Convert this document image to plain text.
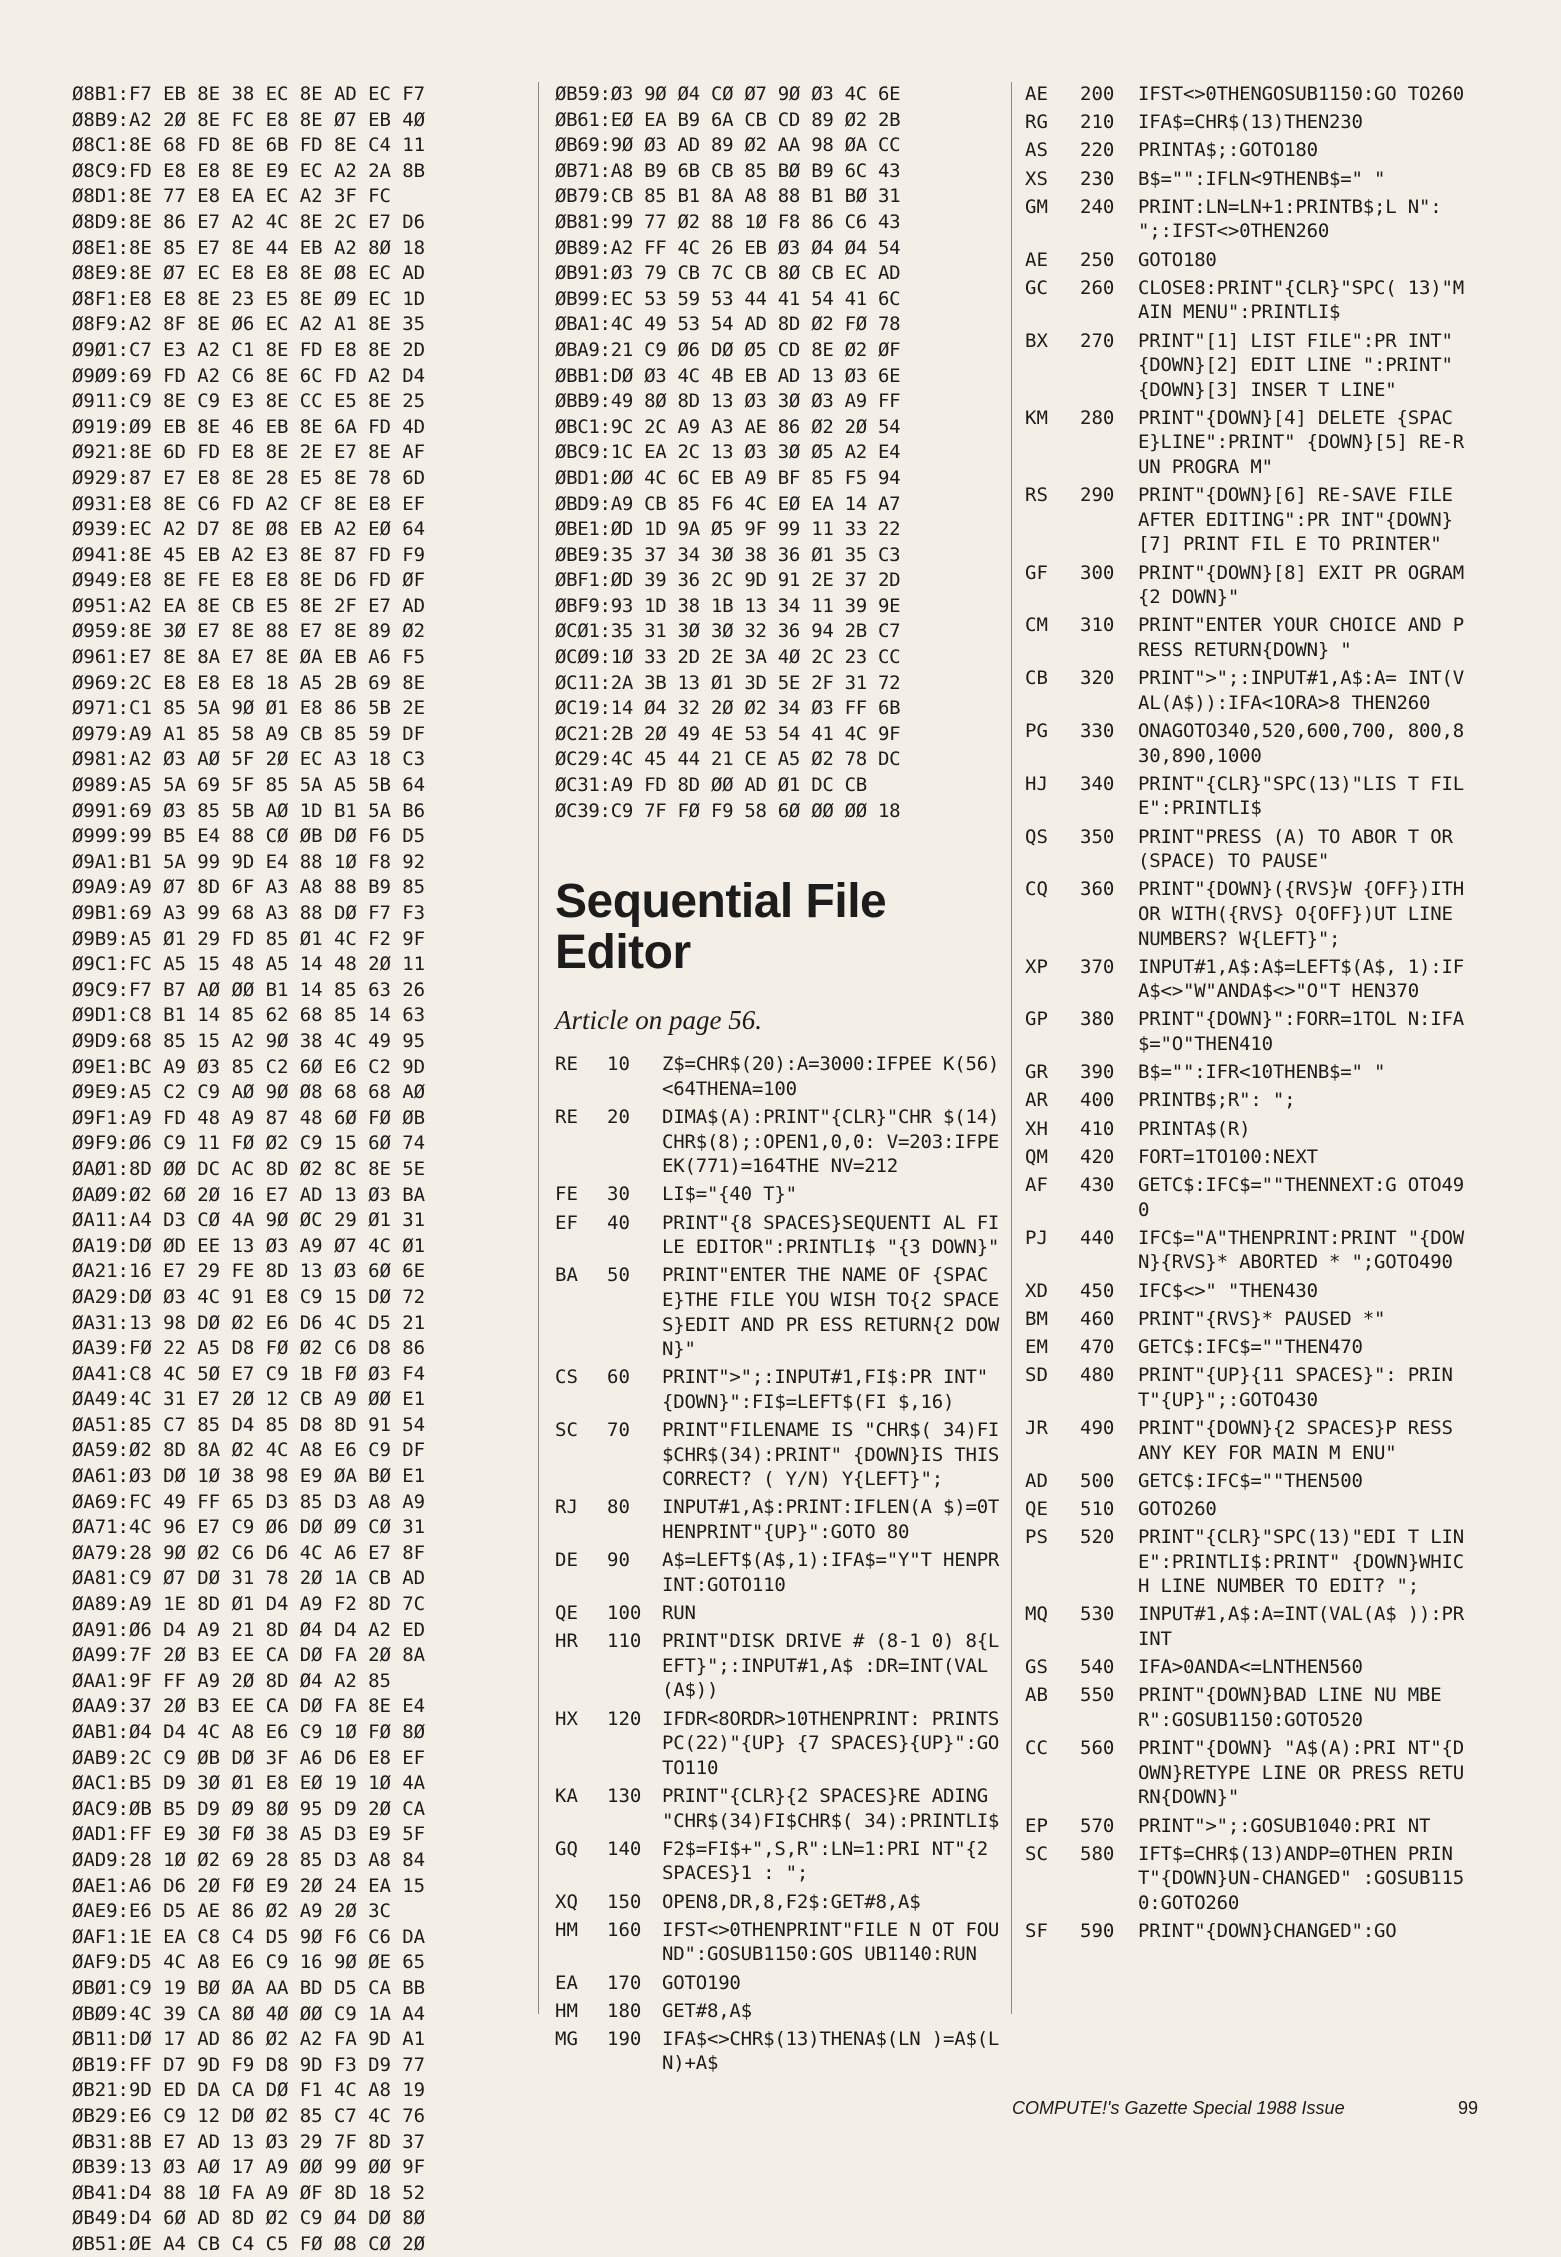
Ø8B1:F7 EB 8E 38 EC 8E AD EC F7
Ø8B9:A2 2Ø 8E FC E8 8E Ø7 EB 4Ø
Ø8C1:8E 68 FD 8E 6B FD 8E C4 11
Ø8C9:FD E8 E8 8E E9 EC A2 2A 8B
Ø8D1:8E 77 E8 EA EC A2 3F FC
Ø8D9:8E 86 E7 A2 4C 8E 2C E7 D6
Ø8E1:8E 85 E7 8E 44 EB A2 8Ø 18
Ø8E9:8E Ø7 EC E8 E8 8E Ø8 EC AD
Ø8F1:E8 E8 8E 23 E5 8E Ø9 EC 1D
Ø8F9:A2 8F 8E Ø6 EC A2 A1 8E 35
Ø9Ø1:C7 E3 A2 C1 8E FD E8 8E 2D
Ø9Ø9:69 FD A2 C6 8E 6C FD A2 D4
Ø911:C9 8E C9 E3 8E CC E5 8E 25
Ø919:Ø9 EB 8E 46 EB 8E 6A FD 4D
Ø921:8E 6D FD E8 8E 2E E7 8E AF
Ø929:87 E7 E8 8E 28 E5 8E 78 6D
Ø931:E8 8E C6 FD A2 CF 8E E8 EF
Ø939:EC A2 D7 8E Ø8 EB A2 EØ 64
Ø941:8E 45 EB A2 E3 8E 87 FD F9
Ø949:E8 8E FE E8 E8 8E D6 FD ØF
Ø951:A2 EA 8E CB E5 8E 2F E7 AD
Ø959:8E 3Ø E7 8E 88 E7 8E 89 Ø2
Ø961:E7 8E 8A E7 8E ØA EB A6 F5
Ø969:2C E8 E8 E8 18 A5 2B 69 8E
Ø971:C1 85 5A 9Ø Ø1 E8 86 5B 2E
Ø979:A9 A1 85 58 A9 CB 85 59 DF
Ø981:A2 Ø3 AØ 5F 2Ø EC A3 18 C3
Ø989:A5 5A 69 5F 85 5A A5 5B 64
Ø991:69 Ø3 85 5B AØ 1D B1 5A B6
Ø999:99 B5 E4 88 CØ ØB DØ F6 D5
Ø9A1:B1 5A 99 9D E4 88 1Ø F8 92
Ø9A9:A9 Ø7 8D 6F A3 A8 88 B9 85
Ø9B1:69 A3 99 68 A3 88 DØ F7 F3
Ø9B9:A5 Ø1 29 FD 85 Ø1 4C F2 9F
Ø9C1:FC A5 15 48 A5 14 48 2Ø 11
Ø9C9:F7 B7 AØ ØØ B1 14 85 63 26
Ø9D1:C8 B1 14 85 62 68 85 14 63
Ø9D9:68 85 15 A2 9Ø 38 4C 49 95
Ø9E1:BC A9 Ø3 85 C2 6Ø E6 C2 9D
Ø9E9:A5 C2 C9 AØ 9Ø Ø8 68 68 AØ
Ø9F1:A9 FD 48 A9 87 48 6Ø FØ ØB
Ø9F9:Ø6 C9 11 FØ Ø2 C9 15 6Ø 74
ØAØ1:8D ØØ DC AC 8D Ø2 8C 8E 5E
ØAØ9:Ø2 6Ø 2Ø 16 E7 AD 13 Ø3 BA
ØA11:A4 D3 CØ 4A 9Ø ØC 29 Ø1 31
ØA19:DØ ØD EE 13 Ø3 A9 Ø7 4C Ø1
ØA21:16 E7 29 FE 8D 13 Ø3 6Ø 6E
ØA29:DØ Ø3 4C 91 E8 C9 15 DØ 72
ØA31:13 98 DØ Ø2 E6 D6 4C D5 21
ØA39:FØ 22 A5 D8 FØ Ø2 C6 D8 86
ØA41:C8 4C 5Ø E7 C9 1B FØ Ø3 F4
ØA49:4C 31 E7 2Ø 12 CB A9 ØØ E1
ØA51:85 C7 85 D4 85 D8 8D 91 54
ØA59:Ø2 8D 8A Ø2 4C A8 E6 C9 DF
ØA61:Ø3 DØ 1Ø 38 98 E9 ØA BØ E1
ØA69:FC 49 FF 65 D3 85 D3 A8 A9
ØA71:4C 96 E7 C9 Ø6 DØ Ø9 CØ 31
ØA79:28 9Ø Ø2 C6 D6 4C A6 E7 8F
ØA81:C9 Ø7 DØ 31 78 2Ø 1A CB AD
ØA89:A9 1E 8D Ø1 D4 A9 F2 8D 7C
ØA91:Ø6 D4 A9 21 8D Ø4 D4 A2 ED
ØA99:7F 2Ø B3 EE CA DØ FA 2Ø 8A
ØAA1:9F FF A9 2Ø 8D Ø4 A2 85
ØAA9:37 2Ø B3 EE CA DØ FA 8E E4
ØAB1:Ø4 D4 4C A8 E6 C9 1Ø FØ 8Ø
ØAB9:2C C9 ØB DØ 3F A6 D6 E8 EF
ØAC1:B5 D9 3Ø Ø1 E8 EØ 19 1Ø 4A
ØAC9:ØB B5 D9 Ø9 8Ø 95 D9 2Ø CA
ØAD1:FF E9 3Ø FØ 38 A5 D3 E9 5F
ØAD9:28 1Ø Ø2 69 28 85 D3 A8 84
ØAE1:A6 D6 2Ø FØ E9 2Ø 24 EA 15
ØAE9:E6 D5 AE 86 Ø2 A9 2Ø 3C
ØAF1:1E EA C8 C4 D5 9Ø F6 C6 DA
ØAF9:D5 4C A8 E6 C9 16 9Ø ØE 65
ØBØ1:C9 19 BØ ØA AA BD D5 CA BB
ØBØ9:4C 39 CA 8Ø 4Ø ØØ C9 1A A4
ØB11:DØ 17 AD 86 Ø2 A2 FA 9D A1
ØB19:FF D7 9D F9 D8 9D F3 D9 77
ØB21:9D ED DA CA DØ F1 4C A8 19
ØB29:E6 C9 12 DØ Ø2 85 C7 4C 76
ØB31:8B E7 AD 13 Ø3 29 7F 8D 37
ØB39:13 Ø3 AØ 17 A9 ØØ 99 ØØ 9F
ØB41:D4 88 1Ø FA A9 ØF 8D 18 52
ØB49:D4 6Ø AD 8D Ø2 C9 Ø4 DØ 8Ø
ØB51:ØE A4 CB C4 C5 FØ Ø8 CØ 2Ø
ØB59:Ø3 9Ø Ø4 CØ Ø7 9Ø Ø3 4C 6E
ØB61:EØ EA B9 6A CB CD 89 Ø2 2B
ØB69:9Ø Ø3 AD 89 Ø2 AA 98 ØA CC
ØB71:A8 B9 6B CB 85 BØ B9 6C 43
ØB79:CB 85 B1 8A A8 88 B1 BØ 31
ØB81:99 77 Ø2 88 1Ø F8 86 C6 43
ØB89:A2 FF 4C 26 EB Ø3 Ø4 Ø4 54
ØB91:Ø3 79 CB 7C CB 8Ø CB EC AD
ØB99:EC 53 59 53 44 41 54 41 6C
ØBA1:4C 49 53 54 AD 8D Ø2 FØ 78
ØBA9:21 C9 Ø6 DØ Ø5 CD 8E Ø2 ØF
ØBB1:DØ Ø3 4C 4B EB AD 13 Ø3 6E
ØBB9:49 8Ø 8D 13 Ø3 3Ø Ø3 A9 FF
ØBC1:9C 2C A9 A3 AE 86 Ø2 2Ø 54
ØBC9:1C EA 2C 13 Ø3 3Ø Ø5 A2 E4
ØBD1:ØØ 4C 6C EB A9 BF 85 F5 94
ØBD9:A9 CB 85 F6 4C EØ EA 14 A7
ØBE1:ØD 1D 9A Ø5 9F 99 11 33 22
ØBE9:35 37 34 3Ø 38 36 Ø1 35 C3
ØBF1:ØD 39 36 2C 9D 91 2E 37 2D
ØBF9:93 1D 38 1B 13 34 11 39 9E
ØCØ1:35 31 3Ø 3Ø 32 36 94 2B C7
ØCØ9:1Ø 33 2D 2E 3A 4Ø 2C 23 CC
ØC11:2A 3B 13 Ø1 3D 5E 2F 31 72
ØC19:14 Ø4 32 2Ø Ø2 34 Ø3 FF 6B
ØC21:2B 2Ø 49 4E 53 54 41 4C 9F
ØC29:4C 45 44 21 CE A5 Ø2 78 DC
ØC31:A9 FD 8D ØØ AD Ø1 DC CB
ØC39:C9 7F FØ F9 58 6Ø ØØ ØØ 18
Sequential File
Editor

Article on page 56.

RE	10	Z$=CHR$(20):A=3000:IFPEE K(56)<64THENA=100
RE	20	DIMA$(A):PRINT"{CLR}"CHR $(14)CHR$(8);:OPEN1,0,0: V=203:IFPEEK(771)=164THE NV=212
FE	30	LI$="{40 T}"
EF	40	PRINT"{8 SPACES}SEQUENTI AL FILE EDITOR":PRINTLI$ "{3 DOWN}"
BA	50	PRINT"ENTER THE NAME OF {SPACE}THE FILE YOU WISH TO{2 SPACES}EDIT AND PR ESS RETURN{2 DOWN}"
CS	60	PRINT">";:INPUT#1,FI$:PR INT"{DOWN}":FI$=LEFT$(FI $,16)
SC	70	PRINT"FILENAME IS "CHR$( 34)FI$CHR$(34):PRINT" {DOWN}IS THIS CORRECT? ( Y/N) Y{LEFT}";
RJ	80	INPUT#1,A$:PRINT:IFLEN(A $)=0THENPRINT"{UP}":GOTO 80
DE	90	A$=LEFT$(A$,1):IFA$="Y"T HENPRINT:GOTO110
QE	100	RUN
HR	110	PRINT"DISK DRIVE # (8-1 0) 8{LEFT}";:INPUT#1,A$ :DR=INT(VAL(A$))
HX	120	IFDR<8ORDR>10THENPRINT: PRINTSPC(22)"{UP} {7 SPACES}{UP}":GOTO110
KA	130	PRINT"{CLR}{2 SPACES}RE ADING "CHR$(34)FI$CHR$( 34):PRINTLI$
GQ	140	F2$=FI$+",S,R":LN=1:PRI NT"{2 SPACES}1 : ";
XQ	150	OPEN8,DR,8,F2$:GET#8,A$
HM	160	IFST<>0THENPRINT"FILE N OT FOUND":GOSUB1150:GOS UB1140:RUN
EA	170	GOTO190
HM	180	GET#8,A$
MG	190	IFA$<>CHR$(13)THENA$(LN )=A$(LN)+A$
AE	200	IFST<>0THENGOSUB1150:GO TO260
RG	210	IFA$=CHR$(13)THEN230
AS	220	PRINTA$;:GOTO180
XS	230	B$="":IFLN<9THENB$=" "
GM	240	PRINT:LN=LN+1:PRINTB$;L N": ";:IFST<>0THEN260
AE	250	GOTO180
GC	260	CLOSE8:PRINT"{CLR}"SPC( 13)"MAIN MENU":PRINTLI$
BX	270	PRINT"[1] LIST FILE":PR INT"{DOWN}[2] EDIT LINE ":PRINT"{DOWN}[3] INSER T LINE"
KM	280	PRINT"{DOWN}[4] DELETE {SPACE}LINE":PRINT" {DOWN}[5] RE-RUN PROGRA M"
RS	290	PRINT"{DOWN}[6] RE-SAVE FILE AFTER EDITING":PR INT"{DOWN}[7] PRINT FIL E TO PRINTER"
GF	300	PRINT"{DOWN}[8] EXIT PR OGRAM{2 DOWN}"
CM	310	PRINT"ENTER YOUR CHOICE AND PRESS RETURN{DOWN} "
CB	320	PRINT">";:INPUT#1,A$:A= INT(VAL(A$)):IFA<1ORA>8 THEN260
PG	330	ONAGOTO340,520,600,700, 800,830,890,1000
HJ	340	PRINT"{CLR}"SPC(13)"LIS T FILE":PRINTLI$
QS	350	PRINT"PRESS (A) TO ABOR T OR (SPACE) TO PAUSE"
CQ	360	PRINT"{DOWN}({RVS}W {OFF})ITH OR WITH({RVS} O{OFF})UT LINE NUMBERS? W{LEFT}";
XP	370	INPUT#1,A$:A$=LEFT$(A$, 1):IFA$<>"W"ANDA$<>"O"T HEN370
GP	380	PRINT"{DOWN}":FORR=1TOL N:IFA$="O"THEN410
GR	390	B$="":IFR<10THENB$=" "
AR	400	PRINTB$;R": ";
XH	410	PRINTA$(R)
QM	420	FORT=1TO100:NEXT
AF	430	GETC$:IFC$=""THENNEXT:G OTO490
PJ	440	IFC$="A"THENPRINT:PRINT "{DOWN}{RVS}* ABORTED * ";GOTO490
XD	450	IFC$<>" "THEN430
BM	460	PRINT"{RVS}* PAUSED *"
EM	470	GETC$:IFC$=""THEN470
SD	480	PRINT"{UP}{11 SPACES}": PRINT"{UP}";:GOTO430
JR	490	PRINT"{DOWN}{2 SPACES}P RESS ANY KEY FOR MAIN M ENU"
AD	500	GETC$:IFC$=""THEN500
QE	510	GOTO260
PS	520	PRINT"{CLR}"SPC(13)"EDI T LINE":PRINTLI$:PRINT" {DOWN}WHICH LINE NUMBER TO EDIT? ";
MQ	530	INPUT#1,A$:A=INT(VAL(A$ )):PRINT
GS	540	IFA>0ANDA<=LNTHEN560
AB	550	PRINT"{DOWN}BAD LINE NU MBER":GOSUB1150:GOTO520
CC	560	PRINT"{DOWN} "A$(A):PRI NT"{DOWN}RETYPE LINE OR PRESS RETURN{DOWN}"
EP	570	PRINT">";:GOSUB1040:PRI NT
SC	580	IFT$=CHR$(13)ANDP=0THEN PRINT"{DOWN}UN-CHANGED" :GOSUB1150:GOTO260
SF	590	PRINT"{DOWN}CHANGED":GO
COMPUTE!'s Gazette Special 1988 Issue	99
